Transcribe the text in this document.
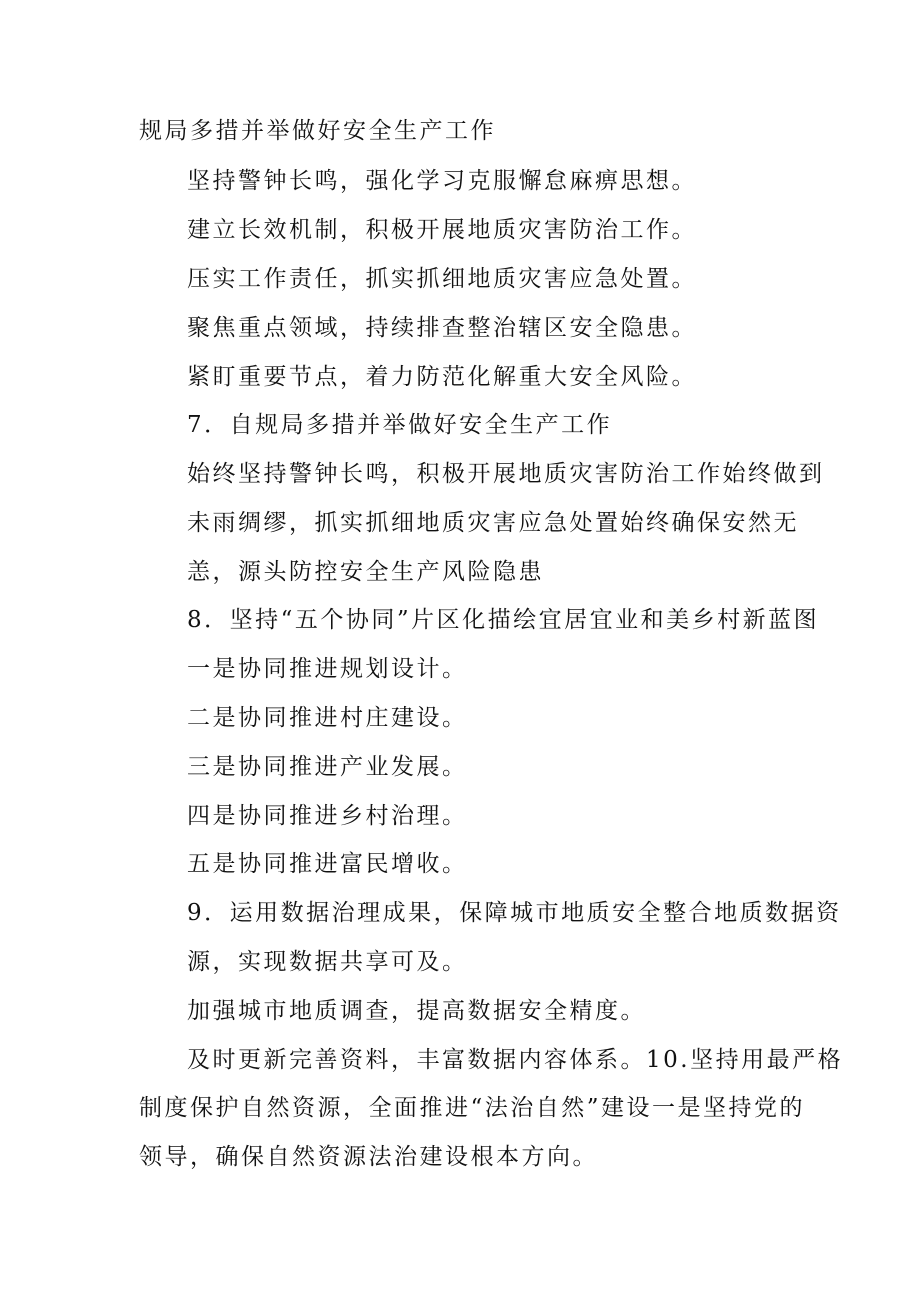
规局多措并举做好安全生产工作
坚持警钟长鸣，强化学习克服懈怠麻痹思想。
建立长效机制，积极开展地质灾害防治工作。
压实工作责任，抓实抓细地质灾害应急处置。
聚焦重点领域，持续排查整治辖区安全隐患。
紧盯重要节点，着力防范化解重大安全风险。
7．自规局多措并举做好安全生产工作
始终坚持警钟长鸣，积极开展地质灾害防治工作始终做到
未雨绸缪，抓实抓细地质灾害应急处置始终确保安然无
恙，源头防控安全生产风险隐患
8．坚持“五个协同”片区化描绘宜居宜业和美乡村新蓝图
一是协同推进规划设计。
二是协同推进村庄建设。
三是协同推进产业发展。
四是协同推进乡村治理。
五是协同推进富民增收。
9．运用数据治理成果，保障城市地质安全整合地质数据资
源，实现数据共享可及。
加强城市地质调查，提高数据安全精度。
及时更新完善资料，丰富数据内容体系。10.坚持用最严格
制度保护自然资源，全面推进“法治自然”建设一是坚持党的
领导，确保自然资源法治建设根本方向。
